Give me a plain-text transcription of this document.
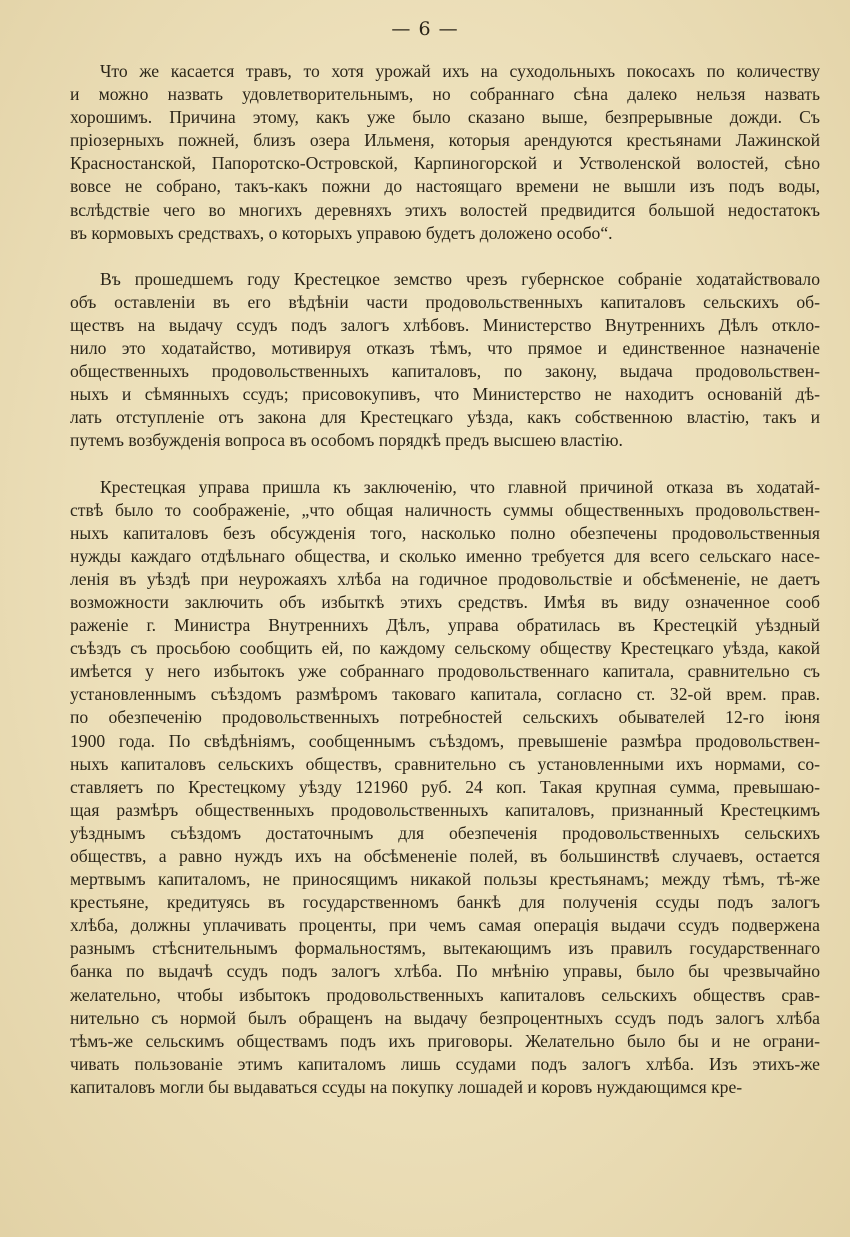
— 6 —
Что же касается травъ, то хотя урожай ихъ на суходольныхъ покосахъ по количеству
и можно назвать удовлетворительнымъ, но собраннаго сѣна далеко нельзя назвать
хорошимъ. Причина этому, какъ уже было сказано выше, безпрерывные дожди. Съ
пріозерныхъ пожней, близъ озера Ильменя, которыя арендуются крестьянами Лажинской
Красностанской, Папоротско-Островской, Карпиногорской и Устволенской волостей, сѣно
вовсе не собрано, такъ-какъ пожни до настоящаго времени не вышли изъ подъ воды,
вслѣдствіе чего во многихъ деревняхъ этихъ волостей предвидится большой недостатокъ
въ кормовыхъ средствахъ, о которыхъ управою будетъ доложено особо“.
Въ прошедшемъ году Крестецкое земство чрезъ губернское собраніе ходатайствовало
объ оставленіи въ его вѣдѣніи части продовольственныхъ капиталовъ сельскихъ об-
ществъ на выдачу ссудъ подъ залогъ хлѣбовъ. Министерство Внутреннихъ Дѣлъ откло-
нило это ходатайство, мотивируя отказъ тѣмъ, что прямое и единственное назначеніе
общественныхъ продовольственныхъ капиталовъ, по закону, выдача продовольствен-
ныхъ и сѣмянныхъ ссудъ; присовокупивъ, что Министерство не находитъ основаній дѣ-
лать отступленіе отъ закона для Крестецкаго уѣзда, какъ собственною властію, такъ и
путемъ возбужденія вопроса въ особомъ порядкѣ предъ высшею властію.
Крестецкая управа пришла къ заключенію, что главной причиной отказа въ ходатай-
ствѣ было то соображеніе, „что общая наличность суммы общественныхъ продовольствен-
ныхъ капиталовъ безъ обсужденія того, насколько полно обезпечены продовольственныя
нужды каждаго отдѣльнаго общества, и сколько именно требуется для всего сельскаго насе-
ленія въ уѣздѣ при неурожаяхъ хлѣба на годичное продовольствіе и обсѣмененіе, не даетъ
возможности заключить объ избыткѣ этихъ средствъ. Имѣя въ виду означенное сооб
раженіе г. Министра Внутреннихъ Дѣлъ, управа обратилась въ Крестецкій уѣздный
съѣздъ съ просьбою сообщить ей, по каждому сельскому обществу Крестецкаго уѣзда, какой
имѣется у него избытокъ уже собраннаго продовольственнаго капитала, сравнительно съ
установленнымъ съѣздомъ размѣромъ таковаго капитала, согласно ст. 32-ой врем. прав.
по обезпеченію продовольственныхъ потребностей сельскихъ обывателей 12-го іюня
1900 года. По свѣдѣніямъ, сообщеннымъ съѣздомъ, превышеніе размѣра продовольствен-
ныхъ капиталовъ сельскихъ обществъ, сравнительно съ установленными ихъ нормами, со-
ставляетъ по Крестецкому уѣзду 121960 руб. 24 коп. Такая крупная сумма, превышаю-
щая размѣръ общественныхъ продовольственныхъ капиталовъ, признанный Крестецкимъ
уѣзднымъ съѣздомъ достаточнымъ для обезпеченія продовольственныхъ сельскихъ
обществъ, а равно нуждъ ихъ на обсѣмененіе полей, въ большинствѣ случаевъ, остается
мертвымъ капиталомъ, не приносящимъ никакой пользы крестьянамъ; между тѣмъ, тѣ-же
крестьяне, кредитуясь въ государственномъ банкѣ для полученія ссуды подъ залогъ
хлѣба, должны уплачивать проценты, при чемъ самая операція выдачи ссудъ подвержена
разнымъ стѣснительнымъ формальностямъ, вытекающимъ изъ правилъ государственнаго
банка по выдачѣ ссудъ подъ залогъ хлѣба. По мнѣнію управы, было бы чрезвычайно
желательно, чтобы избытокъ продовольственныхъ капиталовъ сельскихъ обществъ срав-
нительно съ нормой былъ обращенъ на выдачу безпроцентныхъ ссудъ подъ залогъ хлѣба
тѣмъ-же сельскимъ обществамъ подъ ихъ приговоры. Желательно было бы и не ограни-
чивать пользованіе этимъ капиталомъ лишь ссудами подъ залогъ хлѣба. Изъ этихъ-же
капиталовъ могли бы выдаваться ссуды на покупку лошадей и коровъ нуждающимся кре-
